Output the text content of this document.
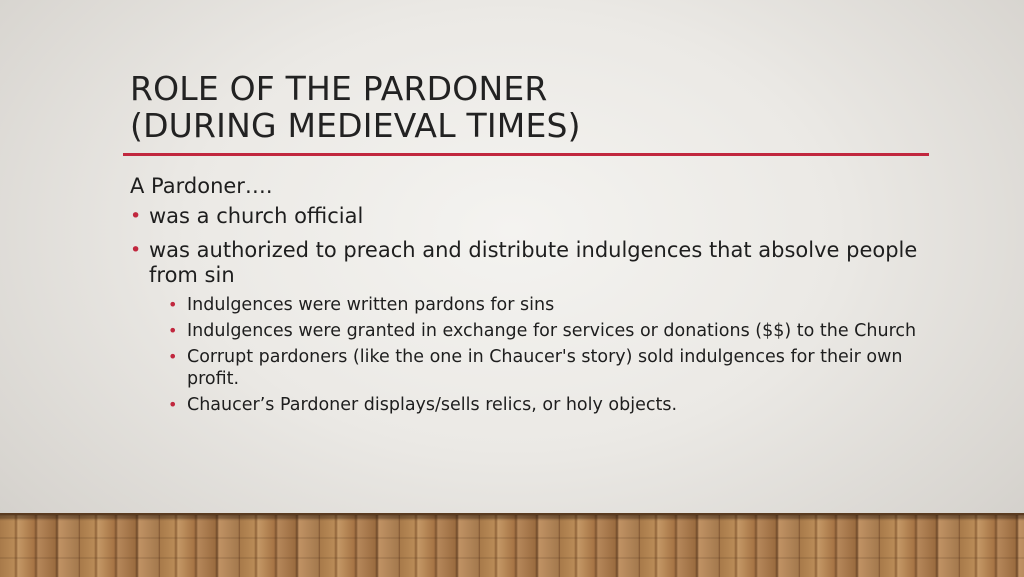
ROLE OF THE PARDONER
(DURING MEDIEVAL TIMES)
A Pardoner….
• was a church official
• was authorized to preach and distribute indulgences that absolve people from sin
• Indulgences were written pardons for sins
• Indulgences were granted in exchange for services or donations ($$) to the Church
• Corrupt pardoners (like the one in Chaucer's story) sold indulgences for their own profit.
• Chaucer’s Pardoner displays/sells relics, or holy objects.
